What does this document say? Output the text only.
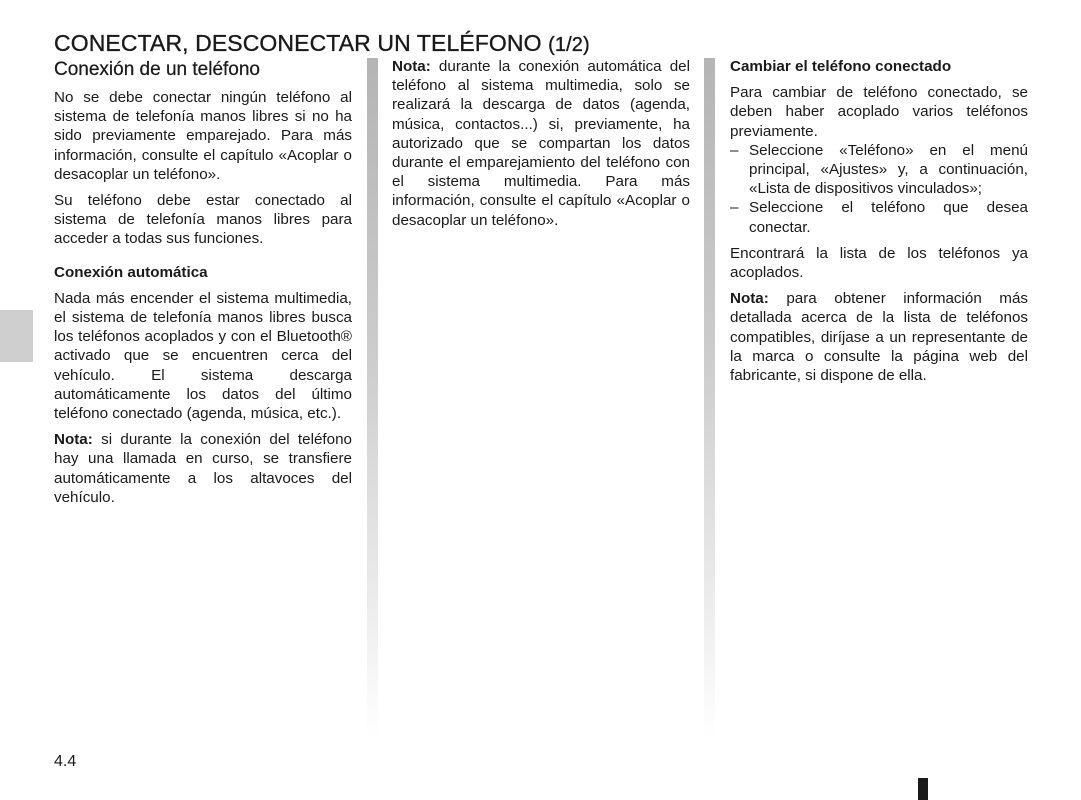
CONECTAR, DESCONECTAR UN TELÉFONO (1/2)

Conexión de un teléfono

No se debe conectar ningún teléfono al sistema de telefonía manos libres si no ha sido previamente emparejado. Para más información, consulte el capítulo «Acoplar o desacoplar un teléfono».

Su teléfono debe estar conectado al sistema de telefonía manos libres para acceder a todas sus funciones.

Conexión automática

Nada más encender el sistema multimedia, el sistema de telefonía manos libres busca los teléfonos acoplados y con el Bluetooth® activado que se encuentren cerca del vehículo. El sistema descarga automáticamente los datos del último teléfono conectado (agenda, música, etc.).

Nota: si durante la conexión del teléfono hay una llamada en curso, se transfiere automáticamente a los altavoces del vehículo.

Nota: durante la conexión automática del teléfono al sistema multimedia, solo se realizará la descarga de datos (agenda, música, contactos...) si, previamente, ha autorizado que se compartan los datos durante el emparejamiento del teléfono con el sistema multimedia. Para más información, consulte el capítulo «Acoplar o desacoplar un teléfono».

Cambiar el teléfono conectado

Para cambiar de teléfono conectado, se deben haber acoplado varios teléfonos previamente.

– Seleccione «Teléfono» en el menú principal, «Ajustes» y, a continuación, «Lista de dispositivos vinculados»;
– Seleccione el teléfono que desea conectar.

Encontrará la lista de los teléfonos ya acoplados.

Nota: para obtener información más detallada acerca de la lista de teléfonos compatibles, diríjase a un representante de la marca o consulte la página web del fabricante, si dispone de ella.

4.4
